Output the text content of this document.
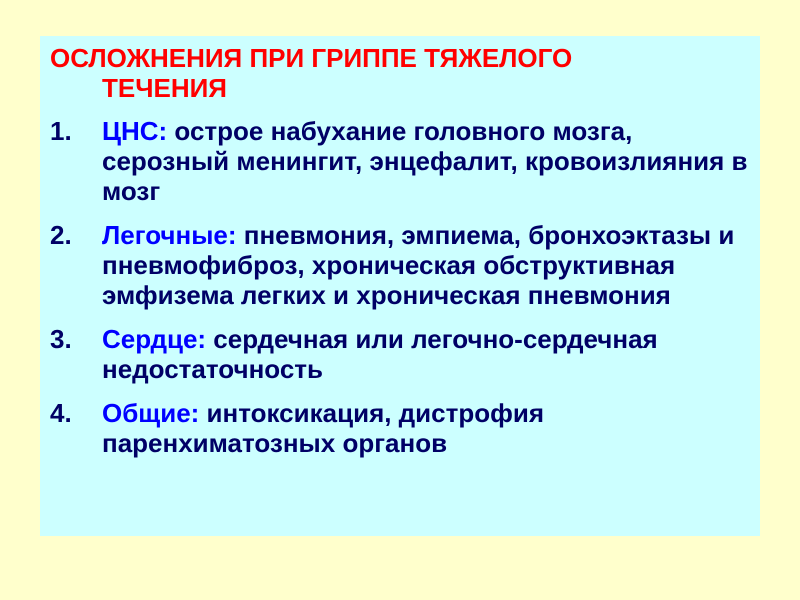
ОСЛОЖНЕНИЯ ПРИ ГРИППЕ ТЯЖЕЛОГО
ТЕЧЕНИЯ
1. ЦНС: острое набухание головного мозга, серозный менингит, энцефалит, кровоизлияния в мозг
2. Легочные: пневмония, эмпиема, бронхоэктазы и пневмофиброз, хроническая обструктивная эмфизема легких и хроническая пневмония
3. Сердце: сердечная или легочно-сердечная недостаточность
4. Общие: интоксикация, дистрофия паренхиматозных органов
